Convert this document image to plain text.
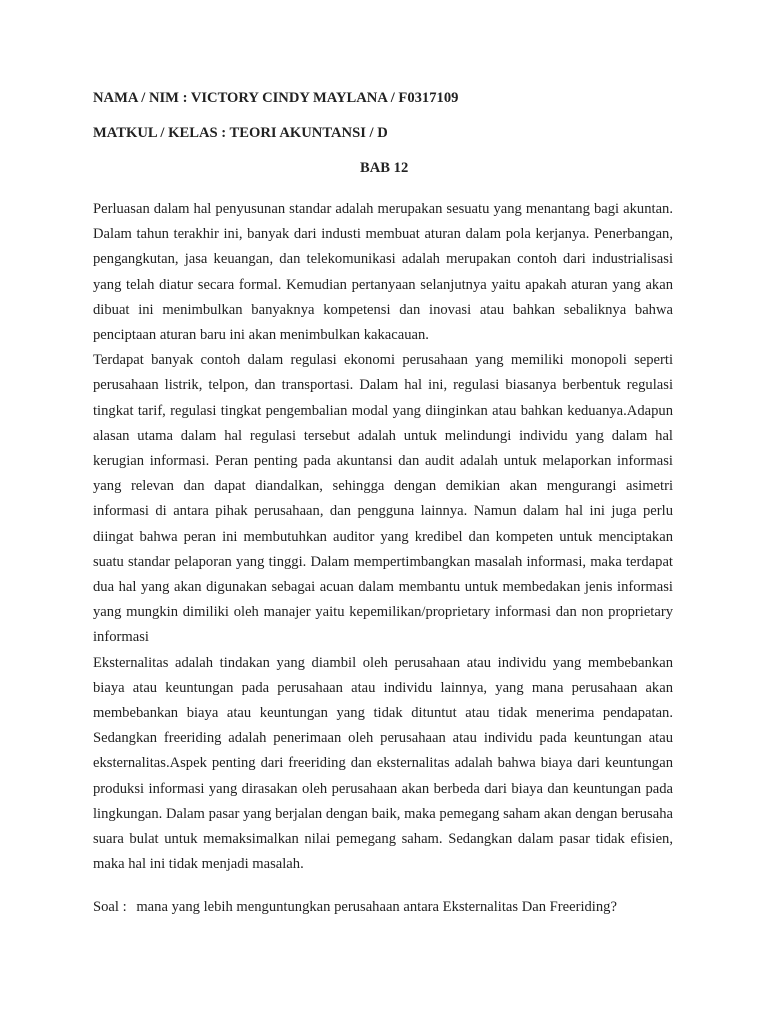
NAMA / NIM : VICTORY CINDY MAYLANA / F0317109

MATKUL / KELAS : TEORI AKUNTANSI / D

BAB 12

Perluasan dalam hal penyusunan standar adalah merupakan sesuatu yang menantang bagi akuntan. Dalam tahun terakhir ini, banyak dari industi membuat aturan dalam pola kerjanya. Penerbangan, pengangkutan, jasa keuangan, dan telekomunikasi adalah merupakan contoh dari industrialisasi yang telah diatur secara formal. Kemudian pertanyaan selanjutnya yaitu apakah aturan yang akan dibuat ini menimbulkan banyaknya kompetensi dan inovasi atau bahkan sebaliknya bahwa penciptaan aturan baru ini akan menimbulkan kakacauan.

Terdapat banyak contoh dalam regulasi ekonomi perusahaan yang memiliki monopoli seperti perusahaan listrik, telpon, dan transportasi. Dalam hal ini, regulasi biasanya berbentuk regulasi tingkat tarif, regulasi tingkat pengembalian modal yang diinginkan atau bahkan keduanya.Adapun alasan utama dalam hal regulasi tersebut adalah untuk melindungi individu yang dalam hal kerugian informasi. Peran penting pada akuntansi dan audit adalah untuk melaporkan informasi yang relevan dan dapat diandalkan, sehingga dengan demikian akan mengurangi asimetri informasi di antara pihak perusahaan, dan pengguna lainnya. Namun dalam hal ini juga perlu diingat bahwa peran ini membutuhkan auditor yang kredibel dan kompeten untuk menciptakan suatu standar pelaporan yang tinggi. Dalam mempertimbangkan masalah informasi, maka terdapat dua hal yang akan digunakan sebagai acuan dalam membantu untuk membedakan jenis informasi yang mungkin dimiliki oleh manajer yaitu kepemilikan/proprietary informasi dan non proprietary informasi

Eksternalitas adalah tindakan yang diambil oleh perusahaan atau individu yang membebankan biaya atau keuntungan pada perusahaan atau individu lainnya, yang mana perusahaan akan membebankan biaya atau keuntungan yang tidak dituntut atau tidak menerima pendapatan. Sedangkan freeriding adalah penerimaan oleh perusahaan atau individu pada keuntungan atau eksternalitas.Aspek penting dari freeriding dan eksternalitas adalah bahwa biaya dari keuntungan produksi informasi yang dirasakan oleh perusahaan akan berbeda dari biaya dan keuntungan pada lingkungan. Dalam pasar yang berjalan dengan baik, maka pemegang saham akan dengan berusaha suara bulat untuk memaksimalkan nilai pemegang saham. Sedangkan dalam pasar tidak efisien, maka hal ini tidak menjadi masalah.

Soal : mana yang lebih menguntungkan perusahaan antara Eksternalitas Dan Freeriding?
